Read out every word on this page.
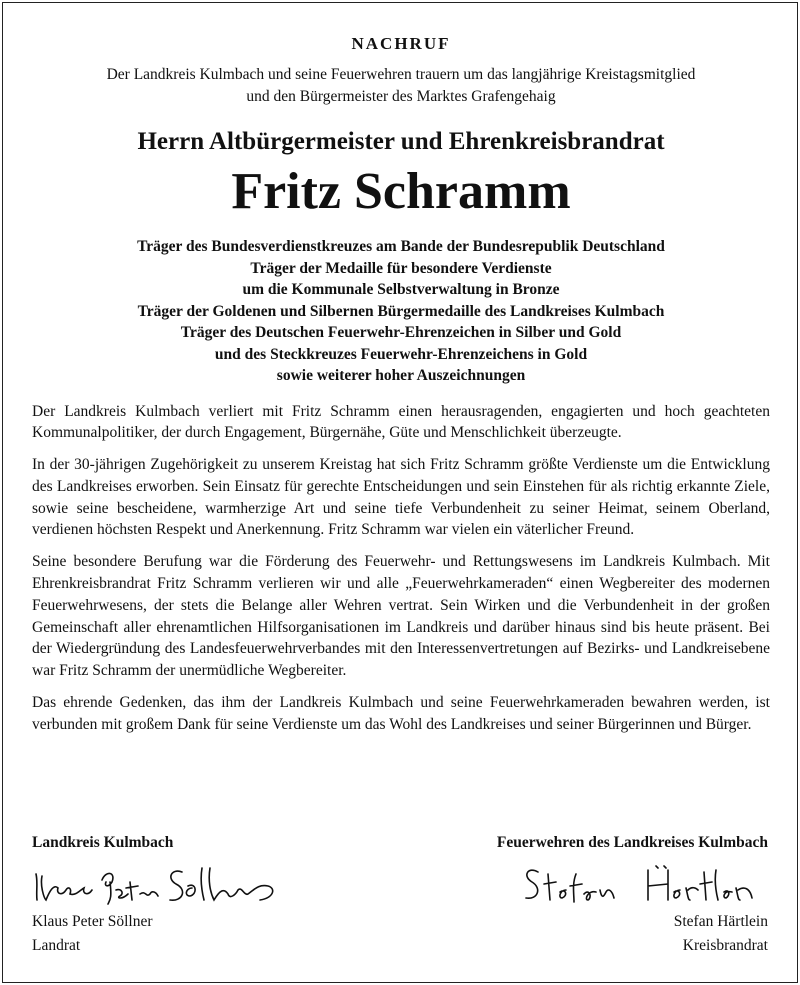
NACHRUF
Der Landkreis Kulmbach und seine Feuerwehren trauern um das langjährige Kreistagsmitglied
und den Bürgermeister des Marktes Grafengehaig
Herrn Altbürgermeister und Ehrenkreisbrandrat
Fritz Schramm
Träger des Bundesverdienstkreuzes am Bande der Bundesrepublik Deutschland
Träger der Medaille für besondere Verdienste
um die Kommunale Selbstverwaltung in Bronze
Träger der Goldenen und Silbernen Bürgermedaille des Landkreises Kulmbach
Träger des Deutschen Feuerwehr-Ehrenzeichen in Silber und Gold
und des Steckkreuzes Feuerwehr-Ehrenzeichens in Gold
sowie weiterer hoher Auszeichnungen

Der Landkreis Kulmbach verliert mit Fritz Schramm einen herausragenden, engagierten und hoch geachteten Kommunalpolitiker, der durch Engagement, Bürgernähe, Güte und Menschlichkeit überzeugte.

In der 30-jährigen Zugehörigkeit zu unserem Kreistag hat sich Fritz Schramm größte Verdienste um die Entwicklung des Landkreises erworben. Sein Einsatz für gerechte Entscheidungen und sein Einstehen für als richtig erkannte Ziele, sowie seine bescheidene, warmherzige Art und seine tiefe Verbundenheit zu seiner Heimat, seinem Oberland, verdienen höchsten Respekt und Anerkennung. Fritz Schramm war vielen ein väterlicher Freund.

Seine besondere Berufung war die Förderung des Feuerwehr- und Rettungswesens im Landkreis Kulmbach. Mit Ehrenkreisbrandrat Fritz Schramm verlieren wir und alle „Feuerwehrkameraden“ einen Wegbereiter des modernen Feuerwehrwesens, der stets die Belange aller Wehren vertrat. Sein Wirken und die Verbundenheit in der großen Gemeinschaft aller ehrenamtlichen Hilfsorganisationen im Landkreis und darüber hinaus sind bis heute präsent. Bei der Wiedergründung des Landesfeuerwehrverbandes mit den Interessenvertretungen auf Bezirks- und Landkreisebene war Fritz Schramm der unermüdliche Wegbereiter.

Das ehrende Gedenken, das ihm der Landkreis Kulmbach und seine Feuerwehrkameraden bewahren werden, ist verbunden mit großem Dank für seine Verdienste um das Wohl des Landkreises und seiner Bürgerinnen und Bürger.

Landkreis Kulmbach
Klaus Peter Söllner
Klaus Peter Söllner
Landrat
Feuerwehren des Landkreises Kulmbach
Stefan Härtlein
Stefan Härtlein
Kreisbrandrat
